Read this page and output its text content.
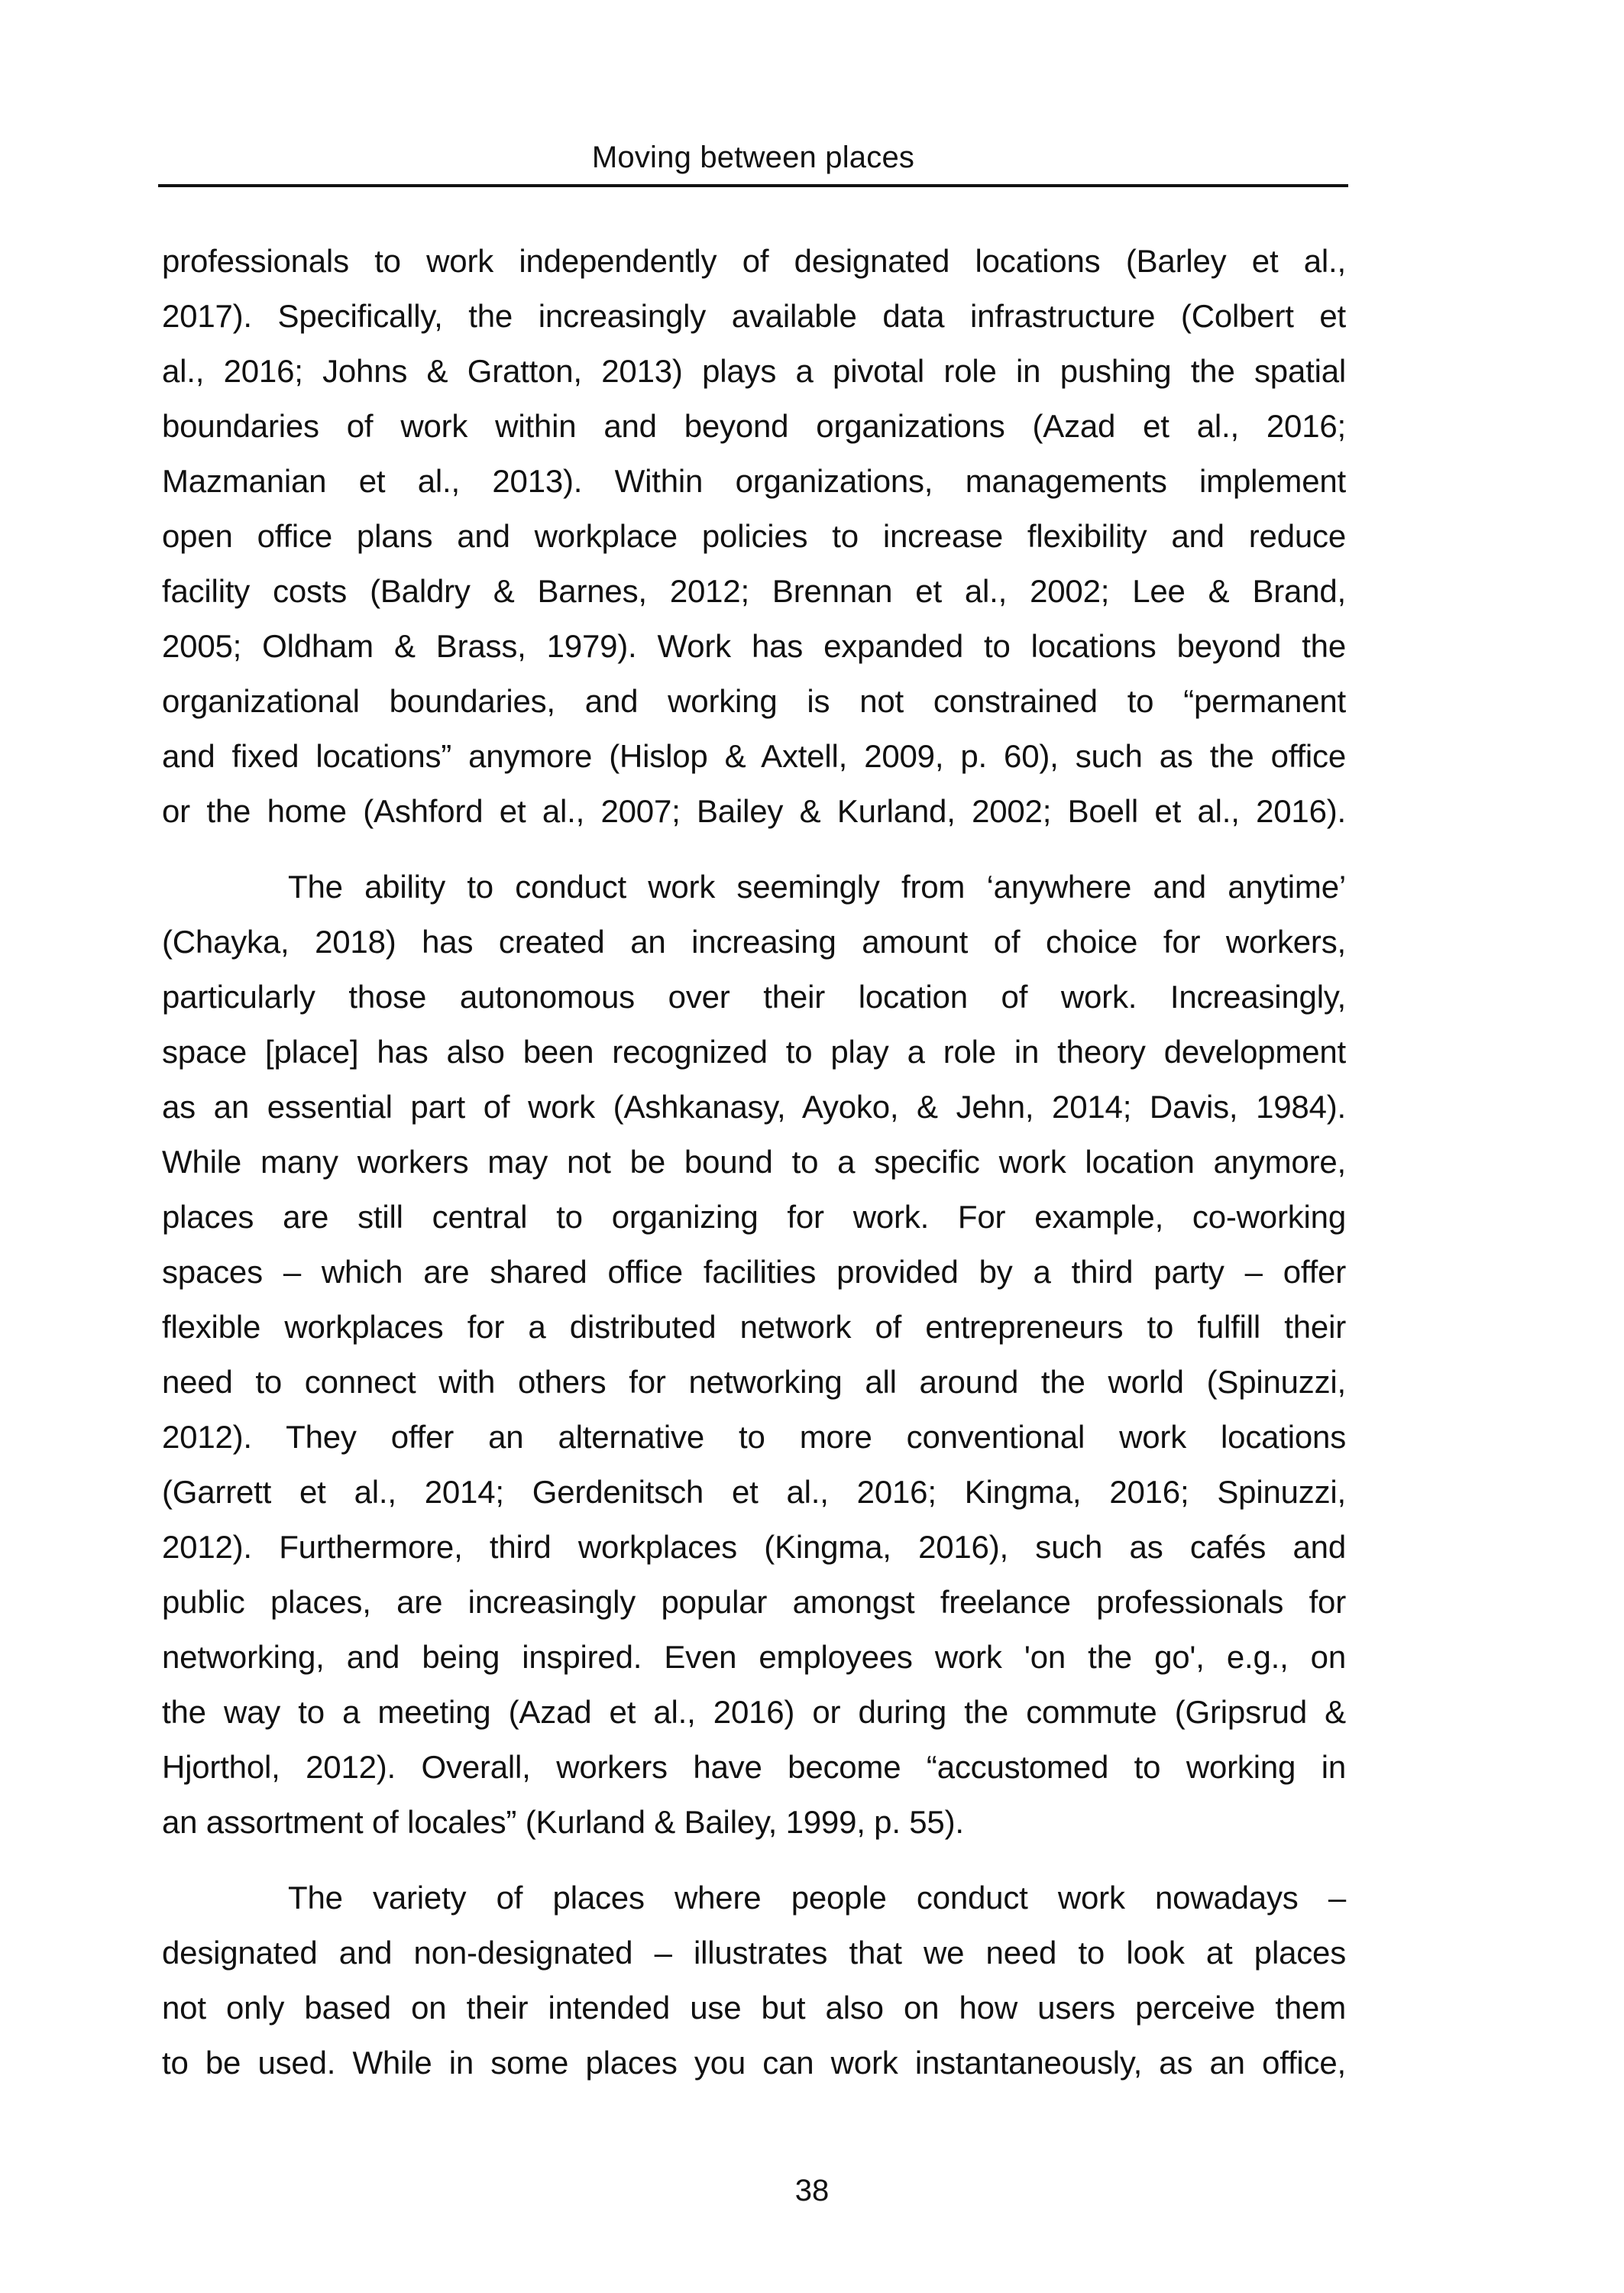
Moving between places
professionals to work independently of designated locations (Barley et al.,
2017). Specifically, the increasingly available data infrastructure (Colbert et
al., 2016; Johns & Gratton, 2013) plays a pivotal role in pushing the spatial
boundaries of work within and beyond organizations (Azad et al., 2016;
Mazmanian et al., 2013). Within organizations, managements implement
open office plans and workplace policies to increase flexibility and reduce
facility costs (Baldry & Barnes, 2012; Brennan et al., 2002; Lee & Brand,
2005; Oldham & Brass, 1979). Work has expanded to locations beyond the
organizational boundaries, and working is not constrained to “permanent
and fixed locations” anymore (Hislop & Axtell, 2009, p. 60), such as the office
or the home (Ashford et al., 2007; Bailey & Kurland, 2002; Boell et al., 2016).
The ability to conduct work seemingly from ‘anywhere and anytime’
(Chayka, 2018) has created an increasing amount of choice for workers,
particularly those autonomous over their location of work. Increasingly,
space [place] has also been recognized to play a role in theory development
as an essential part of work (Ashkanasy, Ayoko, & Jehn, 2014; Davis, 1984).
While many workers may not be bound to a specific work location anymore,
places are still central to organizing for work. For example, co-working
spaces – which are shared office facilities provided by a third party – offer
flexible workplaces for a distributed network of entrepreneurs to fulfill their
need to connect with others for networking all around the world (Spinuzzi,
2012). They offer an alternative to more conventional work locations
(Garrett et al., 2014; Gerdenitsch et al., 2016; Kingma, 2016; Spinuzzi,
2012). Furthermore, third workplaces (Kingma, 2016), such as cafés and
public places, are increasingly popular amongst freelance professionals for
networking, and being inspired. Even employees work 'on the go', e.g., on
the way to a meeting (Azad et al., 2016) or during the commute (Gripsrud &
Hjorthol, 2012). Overall, workers have become “accustomed to working in
an assortment of locales” (Kurland & Bailey, 1999, p. 55).
The variety of places where people conduct work nowadays –
designated and non-designated – illustrates that we need to look at places
not only based on their intended use but also on how users perceive them
to be used. While in some places you can work instantaneously, as an office,
38
